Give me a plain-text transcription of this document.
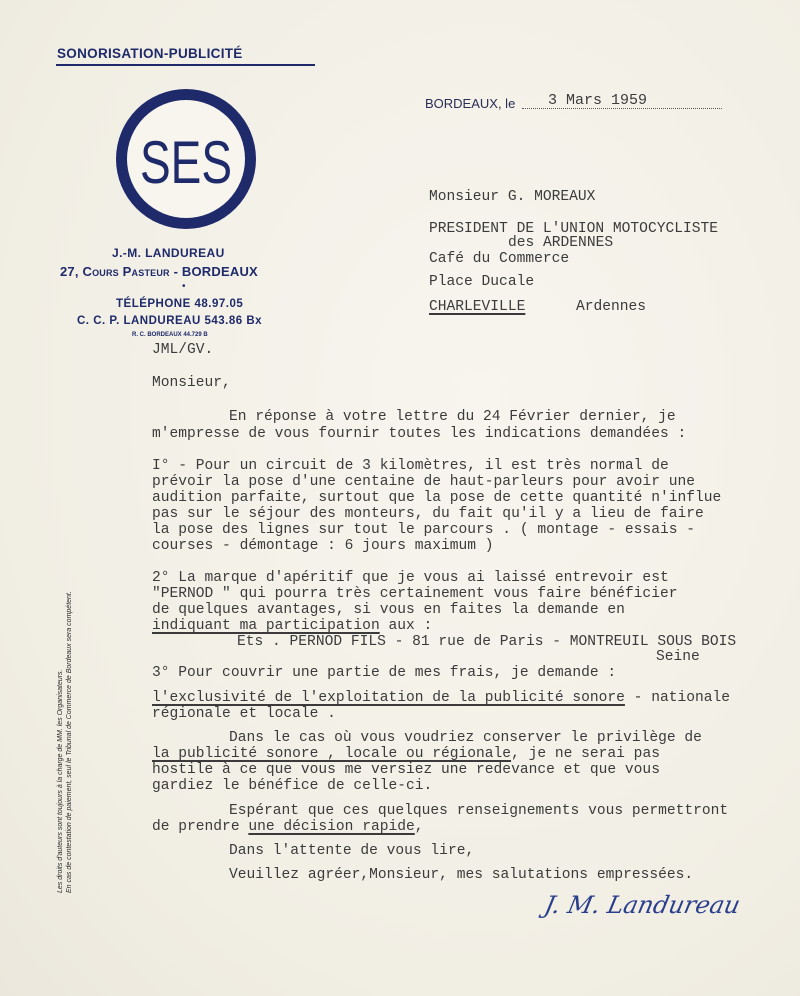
SONORISATION-PUBLICITÉ
SES
J.-M. LANDUREAU
27, Cours Pasteur - BORDEAUX
•
TÉLÉPHONE 48.97.05
C. C. P. LANDUREAU 543.86 Bx
R. C. BORDEAUX 44.729 B
BORDEAUX, le 3 Mars 1959
Monsieur G. MOREAUX
PRESIDENT DE L'UNION MOTOCYCLISTE
des ARDENNES
Café du Commerce
Place Ducale
CHARLEVILLE	Ardennes
JML/GV.
Monsieur,
En réponse à votre lettre du 24 Février dernier, je
m'empresse de vous fournir toutes les indications demandées :
I° - Pour un circuit de 3 kilomètres, il est très normal de
prévoir la pose d'une centaine de haut-parleurs pour avoir une
audition parfaite, surtout que la pose de cette quantité n'influe
pas sur le séjour des monteurs, du fait qu'il y a lieu de faire
la pose des lignes sur tout le parcours . ( montage - essais -
courses - démontage : 6 jours maximum )
2° La marque d'apéritif que je vous ai laissé entrevoir est
"PERNOD " qui pourra très certainement vous faire bénéficier
de quelques avantages, si vous en faites la demande en
indiquant ma participation aux :
Ets . PERNOD FILS - 81 rue de Paris - MONTREUIL SOUS BOIS
Seine
3° Pour couvrir une partie de mes frais, je demande :
l'exclusivité de l'exploitation de la publicité sonore - nationale
régionale et locale .
Dans le cas où vous voudriez conserver le privilège de
la publicité sonore , locale ou régionale, je ne serai pas
hostile à ce que vous me versiez une redevance et que vous
gardiez le bénéfice de celle-ci.
Espérant que ces quelques renseignements vous permettront
de prendre une décision rapide,
Dans l'attente de vous lire,
Veuillez agréer,Monsieur, mes salutations empressées.
J. M. Landureau
Les droits d'auteurs sont toujours à la charge de MM. les Organisateurs. En cas de contestation de paiement, seul le Tribunal de Commerce de Bordeaux sera compétent.
